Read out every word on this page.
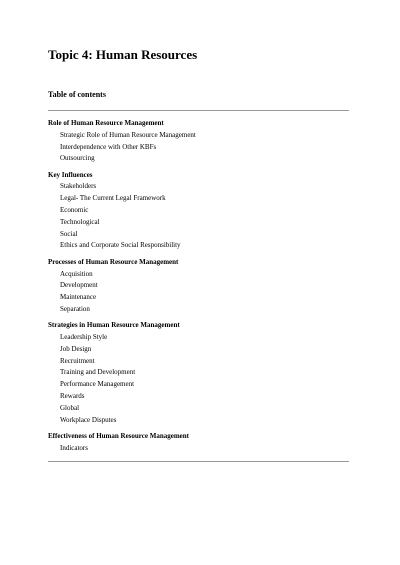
Topic 4: Human Resources
Table of contents
Role of Human Resource Management
Strategic Role of Human Resource Management
Interdependence with Other KBFs
Outsourcing
Key Influences
Stakeholders
Legal- The Current Legal Framework
Economic
Technological
Social
Ethics and Corporate Social Responsibility
Processes of Human Resource Management
Acquisition
Development
Maintenance
Separation
Strategies in Human Resource Management
Leadership Style
Job Design
Recruitment
Training and Development
Performance Management
Rewards
Global
Workplace Disputes
Effectiveness of Human Resource Management
Indicators
